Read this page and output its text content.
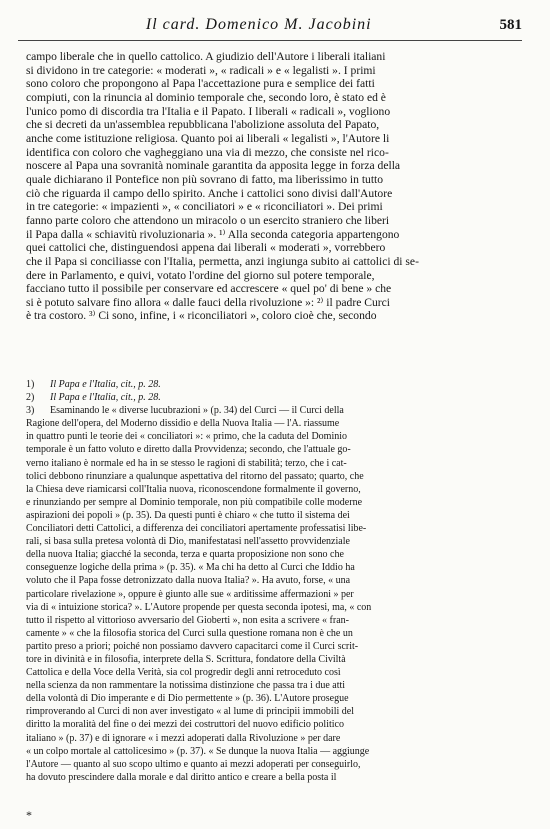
Il card. Domenico M. Jacobini	581

campo liberale che in quello cattolico. A giudizio dell'Autore i liberali italiani

si dividono in tre categorie: « moderati », « radicali » e « legalisti ». I primi

sono coloro che propongono al Papa l'accettazione pura e semplice dei fatti

compiuti, con la rinuncia al dominio temporale che, secondo loro, è stato ed è

l'unico pomo di discordia tra l'Italia e il Papato. I liberali « radicali », vogliono

che si decreti da un'assemblea repubblicana l'abolizione assoluta del Papato,

anche come istituzione religiosa. Quanto poi ai liberali « legalisti », l'Autore li

identifica con coloro che vagheggiano una via di mezzo, che consiste nel rico-

noscere al Papa una sovranità nominale garantita da apposita legge in forza della

quale dichiarano il Pontefice non più sovrano di fatto, ma liberissimo in tutto

ciò che riguarda il campo dello spirito. Anche i cattolici sono divisi dall'Autore

in tre categorie: « impazienti », « conciliatori » e « riconciliatori ». Dei primi

fanno parte coloro che attendono un miracolo o un esercito straniero che liberi

il Papa dalla « schiavitù rivoluzionaria ». ¹⁾ Alla seconda categoria appartengono

quei cattolici che, distinguendosi appena dai liberali « moderati », vorrebbero

che il Papa si conciliasse con l'Italia, permetta, anzi ingiunga subito ai cattolici di se-

dere in Parlamento, e quivi, votato l'ordine del giorno sul potere temporale,

facciano tutto il possibile per conservare ed accrescere « quel po' di bene » che

si è potuto salvare fino allora « dalle fauci della rivoluzione »: ²⁾ il padre Curci

è tra costoro. ³⁾ Ci sono, infine, i « riconciliatori », coloro cioè che, secondo

1) Il Papa e l'Italia, cit., p. 28.

2) Il Papa e l'Italia, cit., p. 28.

3) Esaminando le « diverse lucubrazioni » (p. 34) del Curci — il Curci della
Ragione dell'opera, del Moderno dissidio e della Nuova Italia — l'A. riassume
in quattro punti le teorie dei « conciliatori »: « primo, che la caduta del Dominio
temporale è un fatto voluto e diretto dalla Provvidenza; secondo, che l'attuale go-
verno italiano è normale ed ha in se stesso le ragioni di stabilità; terzo, che i cat-
tolici debbono rinunziare a qualunque aspettativa del ritorno del passato; quarto, che
la Chiesa deve riamicarsi coll'Italia nuova, riconoscendone formalmente il governo,
e rinunziando per sempre al Dominio temporale, non più compatibile colle moderne
aspirazioni dei popoli » (p. 35). Da questi punti è chiaro « che tutto il sistema dei
Conciliatori detti Cattolici, a differenza dei conciliatori apertamente professatisi libe-
rali, si basa sulla pretesa volontà di Dio, manifestatasi nell'assetto provvidenziale
della nuova Italia; giacché la seconda, terza e quarta proposizione non sono che
conseguenze logiche della prima » (p. 35). « Ma chi ha detto al Curci che Iddio ha
voluto che il Papa fosse detronizzato dalla nuova Italia? ». Ha avuto, forse, « una
particolare rivelazione », oppure è giunto alle sue « arditissime affermazioni » per
via di « intuizione storica? ». L'Autore propende per questa seconda ipotesi, ma, « con
tutto il rispetto al vittorioso avversario del Gioberti », non esita a scrivere « fran-
camente » « che la filosofia storica del Curci sulla questione romana non è che un
partito preso a priori; poiché non possiamo davvero capacitarci come il Curci scrit-
tore in divinità e in filosofia, interprete della S. Scrittura, fondatore della Civiltà
Cattolica e della Voce della Verità, sia col progredir degli anni retroceduto così
nella scienza da non rammentare la notissima distinzione che passa tra i due atti
della volontà di Dio imperante e di Dio permettente » (p. 36). L'Autore prosegue
rimproverando al Curci di non aver investigato « al lume di principii immobili del
diritto la moralità del fine o dei mezzi dei costruttori del nuovo edificio politico
italiano » (p. 37) e di ignorare « i mezzi adoperati dalla Rivoluzione » per dare
« un colpo mortale al cattolicesimo » (p. 37). « Se dunque la nuova Italia — aggiunge
l'Autore — quanto al suo scopo ultimo e quanto ai mezzi adoperati per conseguirlo,
ha dovuto prescindere dalla morale e dal diritto antico e creare a bella posta il
*
